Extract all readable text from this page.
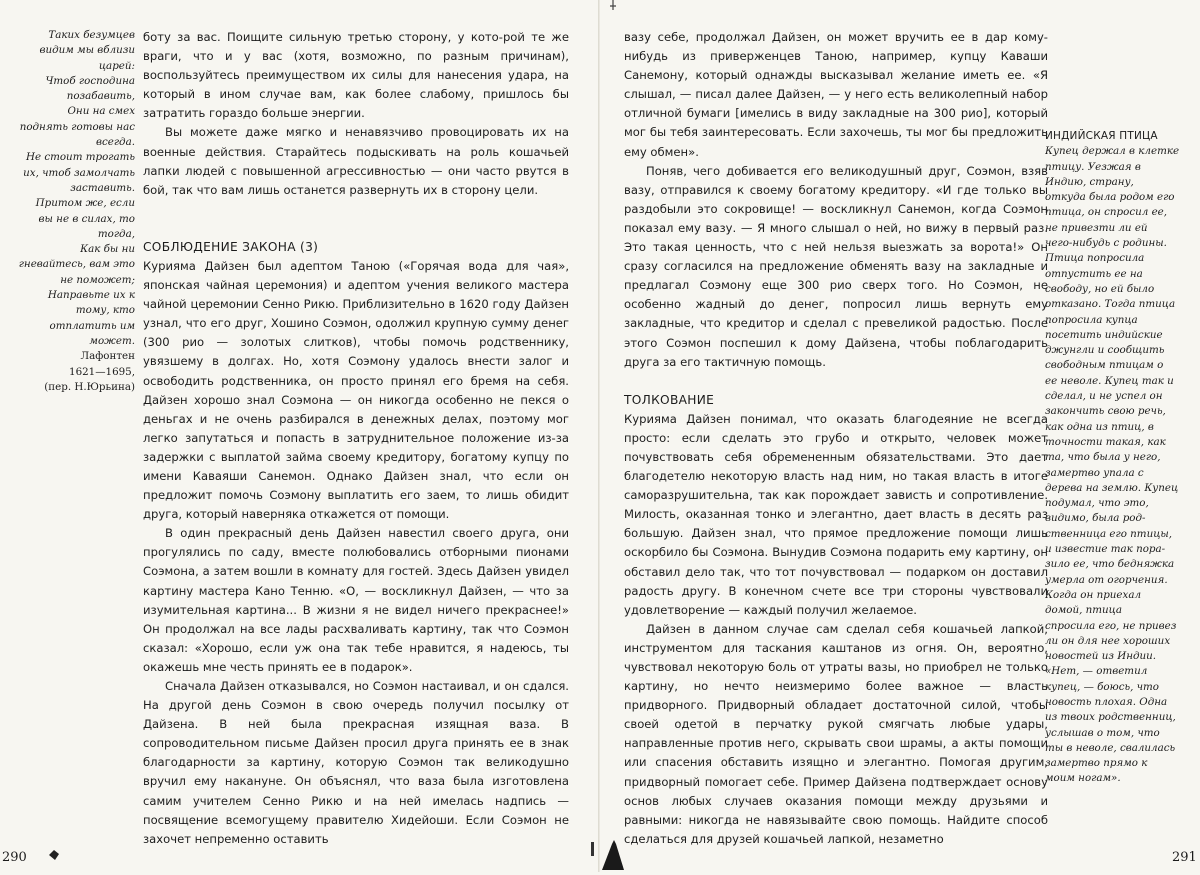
Таких безумцев
видим мы вблизи
царей:
Чтоб господина
позабавить,
Они на смех
поднять готовы нас
всегда.
Не стоит трогать
их, чтоб замолчать
заставить.
Притом же, если
вы не в силах, то
тогда,
Как бы ни
гневайтесь, вам это
не поможет;
Направьте их к
тому, кто
отплатить им
может.
Лафонтен
1621—1695,
(пер. Н.Юрьина)

боту за вас. Поищите сильную третью сторону, у кото-рой те же враги, что и у вас (хотя, возможно, по разным причинам), воспользуйтесь преимуществом их силы для нанесения удара, на который в ином случае вам, как более слабому, пришлось бы затратить гораздо больше энергии.

Вы можете даже мягко и ненавязчиво провоцировать их на военные действия. Старайтесь подыскивать на роль кошачьей лапки людей с повышенной агрессивностью — они часто рвутся в бой, так что вам лишь останется развернуть их в сторону цели.

СОБЛЮДЕНИЕ ЗАКОНА (3)

Курияма Дайзен был адептом Таною («Горячая вода для чая», японская чайная церемония) и адептом учения великого мастера чайной церемонии Сенно Рикю. Приблизительно в 1620 году Дайзен узнал, что его друг, Хошино Соэмон, одолжил крупную сумму денег (300 рио — золотых слитков), чтобы помочь родственнику, увязшему в долгах. Но, хотя Соэмону удалось внести залог и освободить родственника, он просто принял его бремя на себя. Дайзен хорошо знал Соэмона — он никогда особенно не пекся о деньгах и не очень разбирался в денежных делах, поэтому мог легко запутаться и попасть в затруднительное положение из-за задержки с выплатой займа своему кредитору, богатому купцу по имени Каваяши Санемон. Однако Дайзен знал, что если он предложит помочь Соэмону выплатить его заем, то лишь обидит друга, который наверняка откажется от помощи.

В один прекрасный день Дайзен навестил своего друга, они прогулялись по саду, вместе полюбовались отборными пионами Соэмона, а затем вошли в комнату для гостей. Здесь Дайзен увидел картину мастера Кано Тенню. «О, — воскликнул Дайзен, — что за изумительная картина... В жизни я не видел ничего прекраснее!» Он продолжал на все лады расхваливать картину, так что Соэмон сказал: «Хорошо, если уж она так тебе нравится, я надеюсь, ты окажешь мне честь принять ее в подарок».

Сначала Дайзен отказывался, но Соэмон настаивал, и он сдался. На другой день Соэмон в свою очередь получил посылку от Дайзена. В ней была прекрасная изящная ваза. В сопроводительном письме Дайзен просил друга принять ее в знак благодарности за картину, которую Соэмон так великодушно вручил ему накануне. Он объяснял, что ваза была изготовлена самим учителем Сенно Рикю и на ней имелась надпись — посвящение всемогущему правителю Хидейоши. Если Соэмон не захочет непременно оставить

290

вазу себе, продолжал Дайзен, он может вручить ее в дар кому-нибудь из приверженцев Таною, например, купцу Каваши Санемону, который однажды высказывал желание иметь ее. «Я слышал, — писал далее Дайзен, — у него есть великолепный набор отличной бумаги [имелись в виду закладные на 300 рио], который мог бы тебя заинтересовать. Если захочешь, ты мог бы предложить ему обмен».

Поняв, чего добивается его великодушный друг, Соэмон, взяв вазу, отправился к своему богатому кредитору. «И где только вы раздобыли это сокровище! — воскликнул Санемон, когда Соэмон показал ему вазу. — Я много слышал о ней, но вижу в первый раз. Это такая ценность, что с ней нельзя выезжать за ворота!» Он сразу согласился на предложение обменять вазу на закладные и предлагал Соэмону еще 300 рио сверх того. Но Соэмон, не особенно жадный до денег, попросил лишь вернуть ему закладные, что кредитор и сделал с превеликой радостью. После этого Соэмон поспешил к дому Дайзена, чтобы поблагодарить друга за его тактичную помощь.

ТОЛКОВАНИЕ

Курияма Дайзен понимал, что оказать благодеяние не всегда просто: если сделать это грубо и открыто, человек может почувствовать себя обремененным обязательствами. Это дает благодетелю некоторую власть над ним, но такая власть в итоге саморазрушительна, так как порождает зависть и сопротивление. Милость, оказанная тонко и элегантно, дает власть в десять раз большую. Дайзен знал, что прямое предложение помощи лишь оскорбило бы Соэмона. Вынудив Соэмона подарить ему картину, он обставил дело так, что тот почувствовал — подарком он доставил радость другу. В конечном счете все три стороны чувствовали удовлетворение — каждый получил желаемое.

Дайзен в данном случае сам сделал себя кошачьей лапкой, инструментом для таскания каштанов из огня. Он, вероятно, чувствовал некоторую боль от утраты вазы, но приобрел не только картину, но нечто неизмеримо более важное — власть придворного. Придворный обладает достаточной силой, чтобы своей одетой в перчатку рукой смягчать любые удары, направленные против него, скрывать свои шрамы, а акты помощи или спасения обставить изящно и элегантно. Помогая другим, придворный помогает себе. Пример Дайзена подтверждает основу основ любых случаев оказания помощи между друзьями и равными: никогда не навязывайте свою помощь. Найдите способ сделаться для друзей кошачьей лапкой, незаметно

ИНДИЙСКАЯ ПТИЦА
Купец держал в клетке
птицу. Уезжая в
Индию, страну,
откуда была родом его
птица, он спросил ее,
не привезти ли ей
чего-нибудь с родины.
Птица попросила
отпустить ее на
свободу, но ей было
отказано. Тогда птица
попросила купца
посетить индийские
джунгли и сообщить
свободным птицам о
ее неволе. Купец так и
сделал, и не успел он
закончить свою речь,
как одна из птиц, в
точности такая, как
та, что была у него,
замертво упала с
дерева на землю. Купец
подумал, что это,
видимо, была род-
ственница его птицы,
и известие так пора-
зило ее, что бедняжка
умерла от огорчения.
Когда он приехал
домой, птица
спросила его, не привез
ли он для нее хороших
новостей из Индии.
«Нет, — ответил
купец, — боюсь, что
новость плохая. Одна
из твоих родственниц,
услышав о том, что
ты в неволе, свалилась
замертво прямо к
моим ногам».
291
